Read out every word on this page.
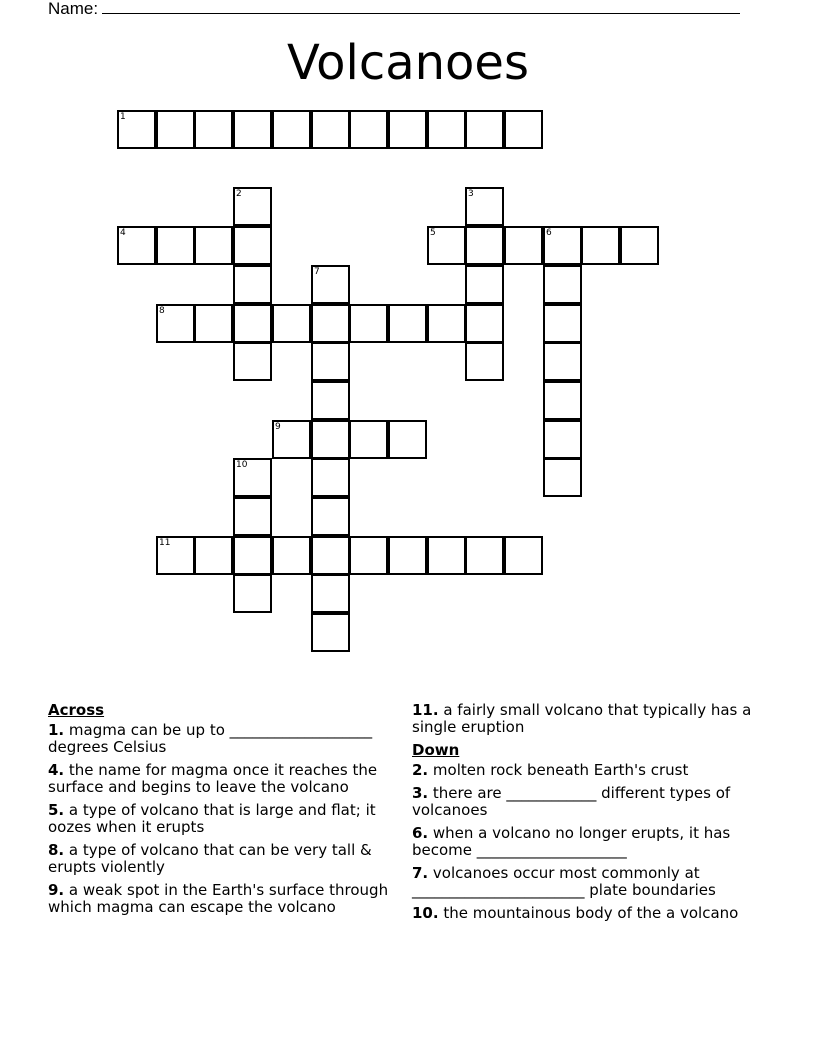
Name:
Volcanoes
1
2	3
4	5	6
7
8
9
10
11
Across
1. magma can be up to ___________________ degrees Celsius
4. the name for magma once it reaches the surface and begins to leave the volcano
5. a type of volcano that is large and flat; it oozes when it erupts
8. a type of volcano that can be very tall & erupts violently
9. a weak spot in the Earth's surface through which magma can escape the volcano
11. a fairly small volcano that typically has a single eruption
Down
2. molten rock beneath Earth's crust
3. there are ____________ different types of volcanoes
6. when a volcano no longer erupts, it has become ____________________
7. volcanoes occur most commonly at _______________________ plate boundaries
10. the mountainous body of the a volcano
